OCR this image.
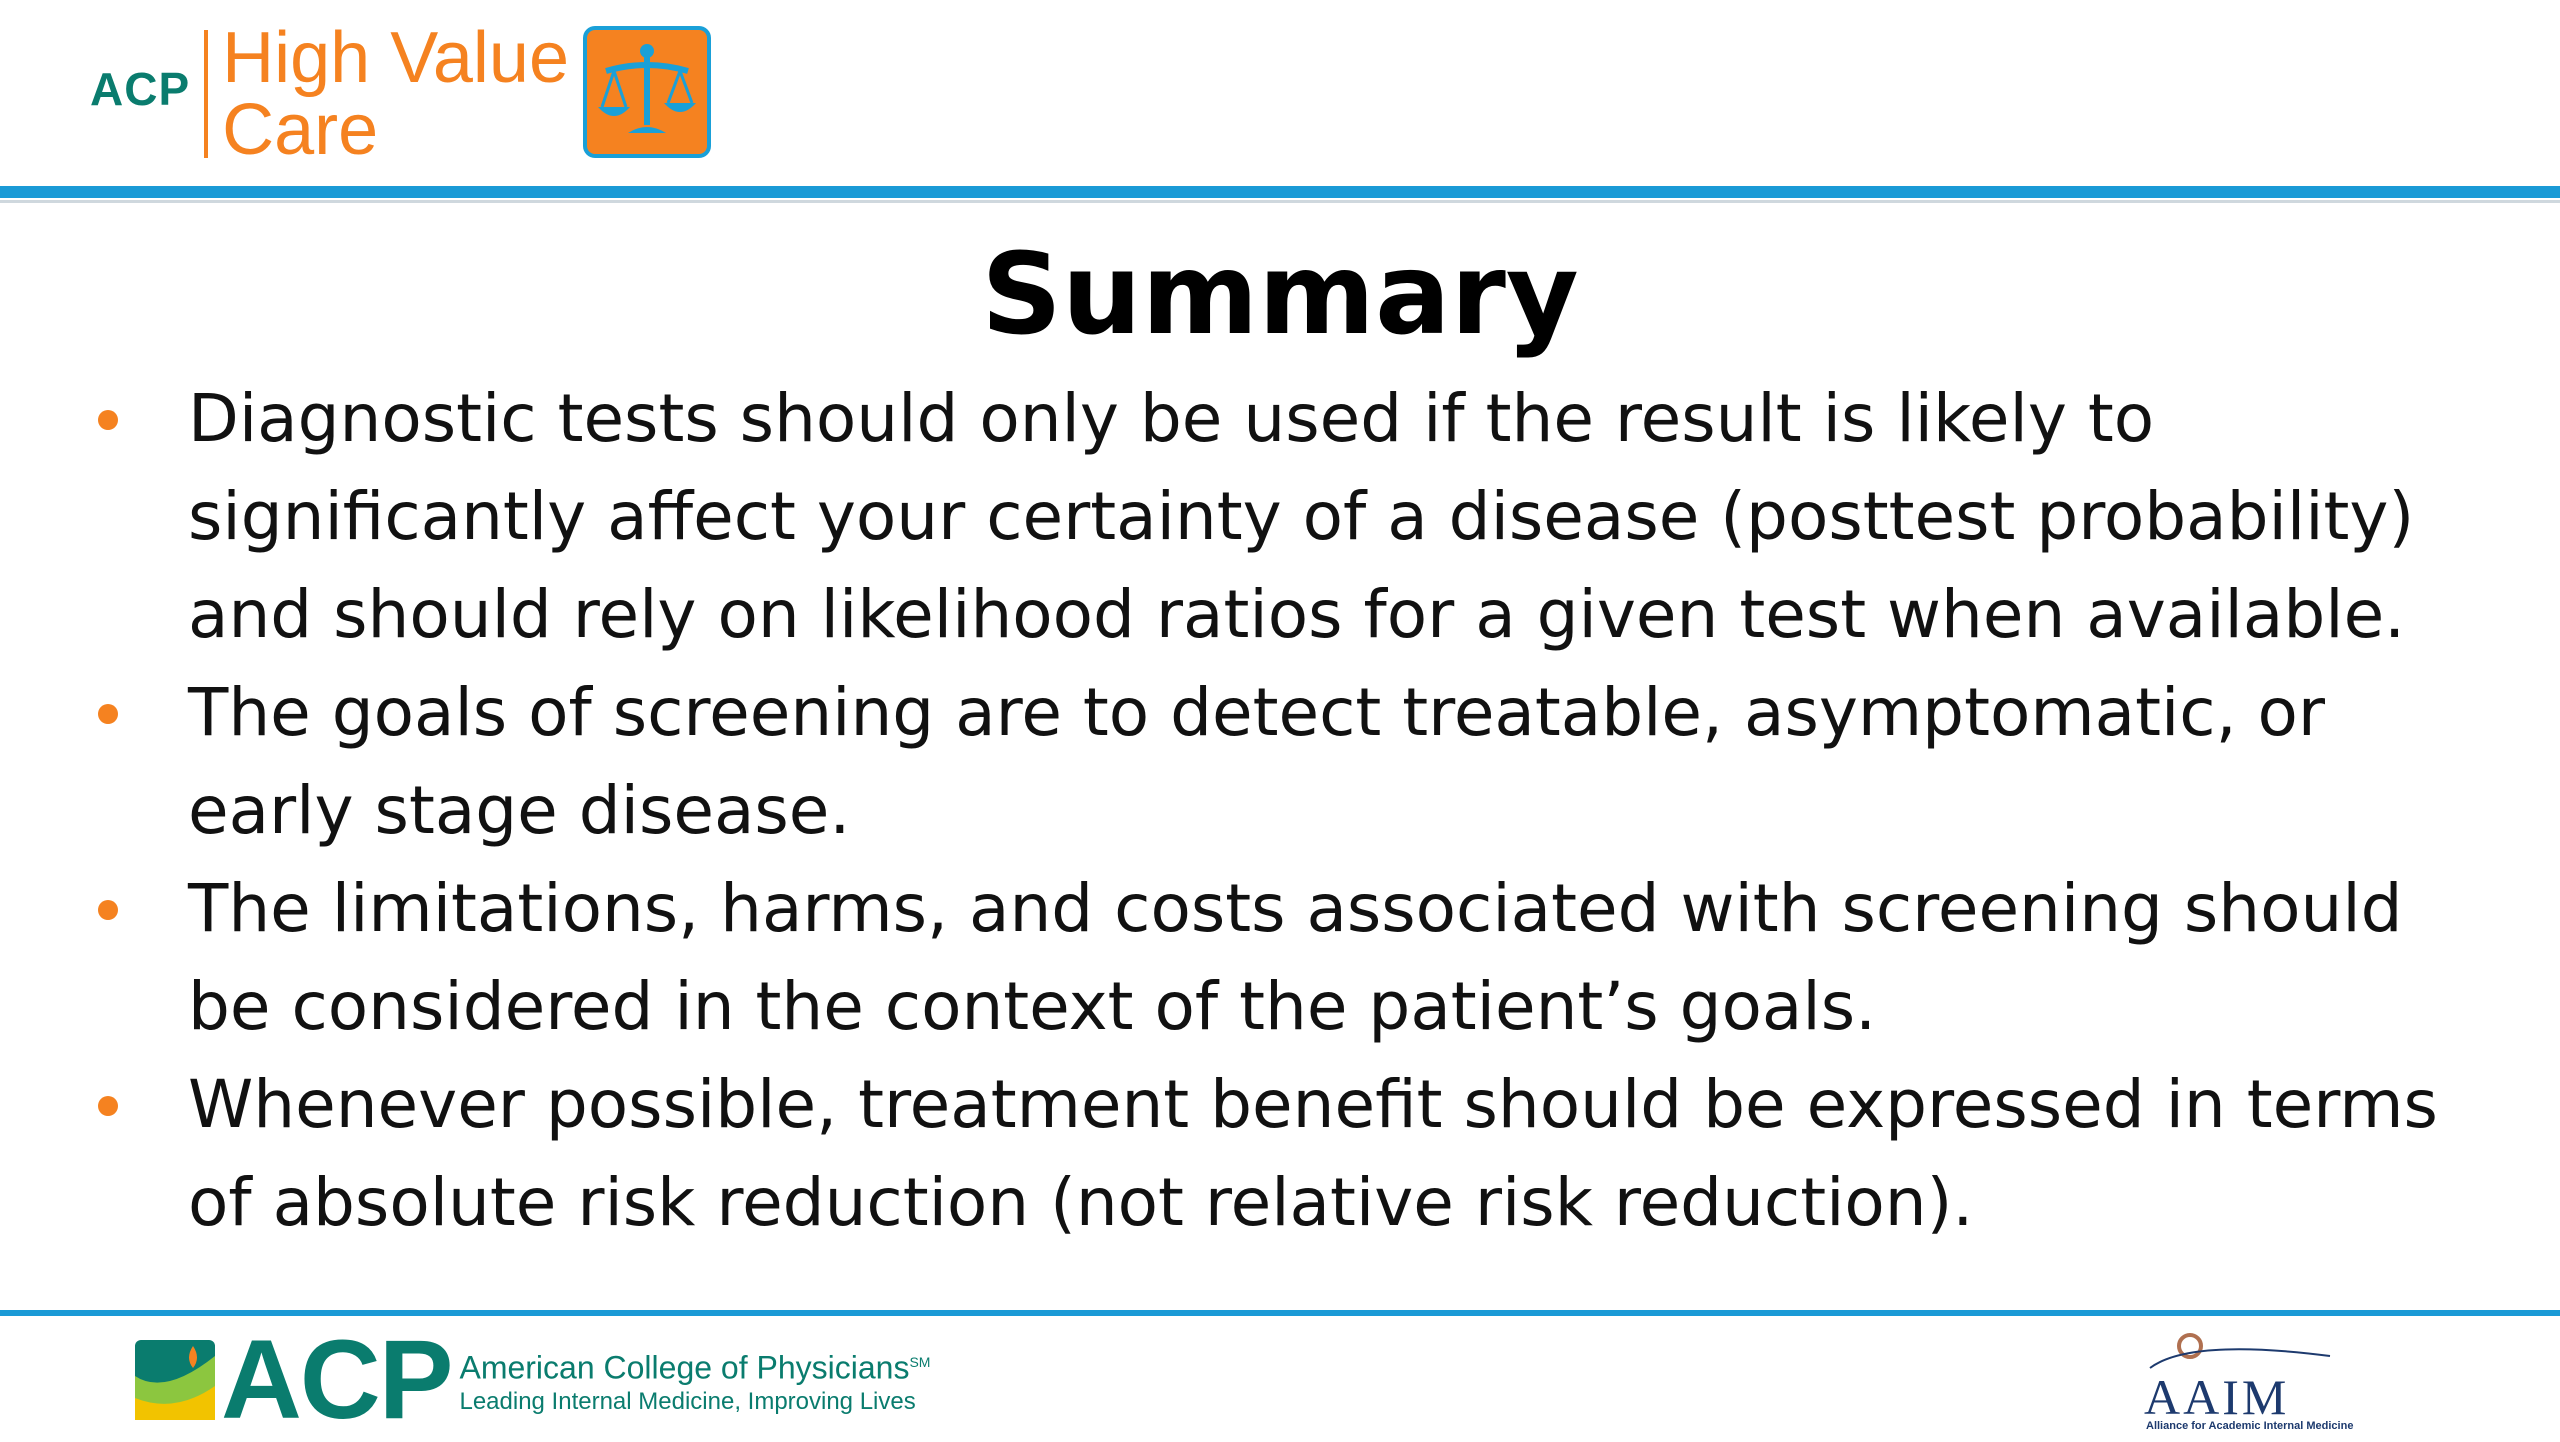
ACP High Value
Care
Summary
Diagnostic tests should only be used if the result is likely to significantly affect your certainty of a disease (posttest probability) and should rely on likelihood ratios for a given test when available.
The goals of screening are to detect treatable, asymptomatic, or early stage disease.
The limitations, harms, and costs associated with screening should be considered in the context of the patient’s goals.
Whenever possible, treatment benefit should be expressed in terms of absolute risk reduction (not relative risk reduction).
ACP American College of Physicians℠
Leading Internal Medicine, Improving Lives	AAIM
Alliance for Academic Internal Medicine
